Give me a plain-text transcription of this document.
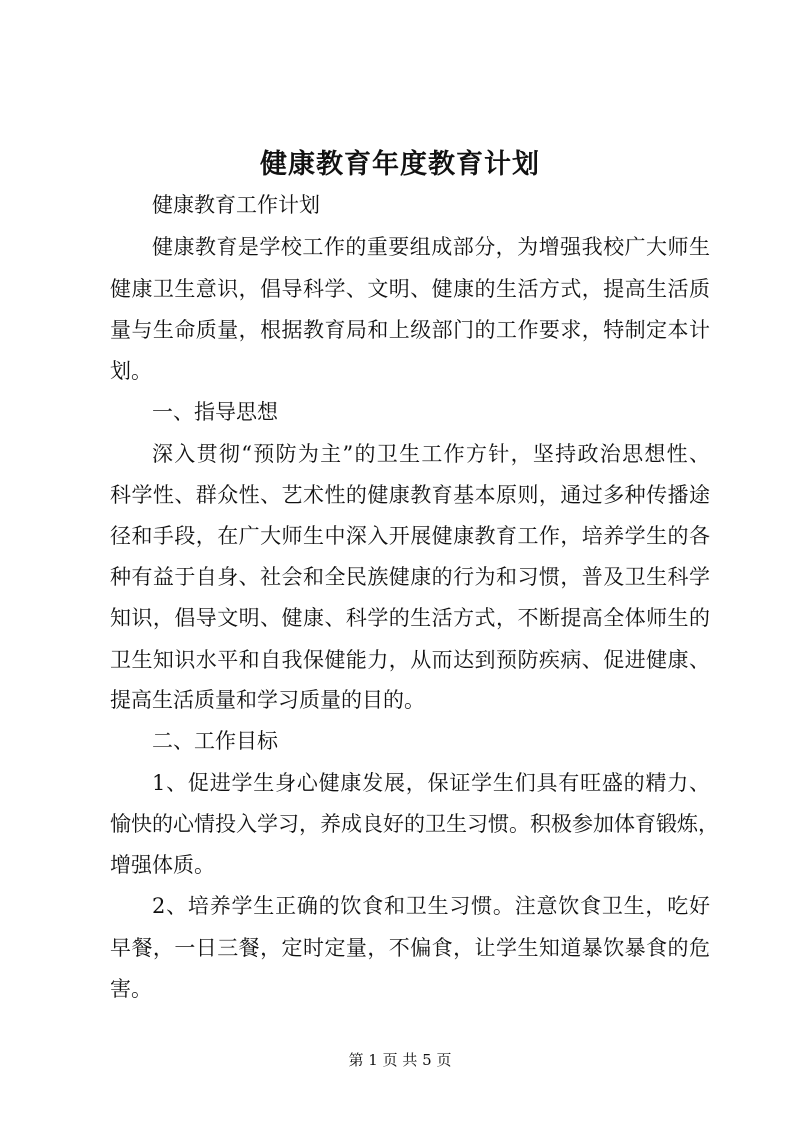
健康教育年度教育计划
健康教育工作计划
健康教育是学校工作的重要组成部分，为增强我校广大师生
健康卫生意识，倡导科学、文明、健康的生活方式，提高生活质
量与生命质量，根据教育局和上级部门的工作要求，特制定本计
划。
一、指导思想
深入贯彻“预防为主”的卫生工作方针，坚持政治思想性、
科学性、群众性、艺术性的健康教育基本原则，通过多种传播途
径和手段，在广大师生中深入开展健康教育工作，培养学生的各
种有益于自身、社会和全民族健康的行为和习惯，普及卫生科学
知识，倡导文明、健康、科学的生活方式，不断提高全体师生的
卫生知识水平和自我保健能力，从而达到预防疾病、促进健康、
提高生活质量和学习质量的目的。
二、工作目标
1、促进学生身心健康发展，保证学生们具有旺盛的精力、
愉快的心情投入学习，养成良好的卫生习惯。积极参加体育锻炼，
增强体质。
2、培养学生正确的饮食和卫生习惯。注意饮食卫生，吃好
早餐，一日三餐，定时定量，不偏食，让学生知道暴饮暴食的危
害。
第 1 页 共 5 页
